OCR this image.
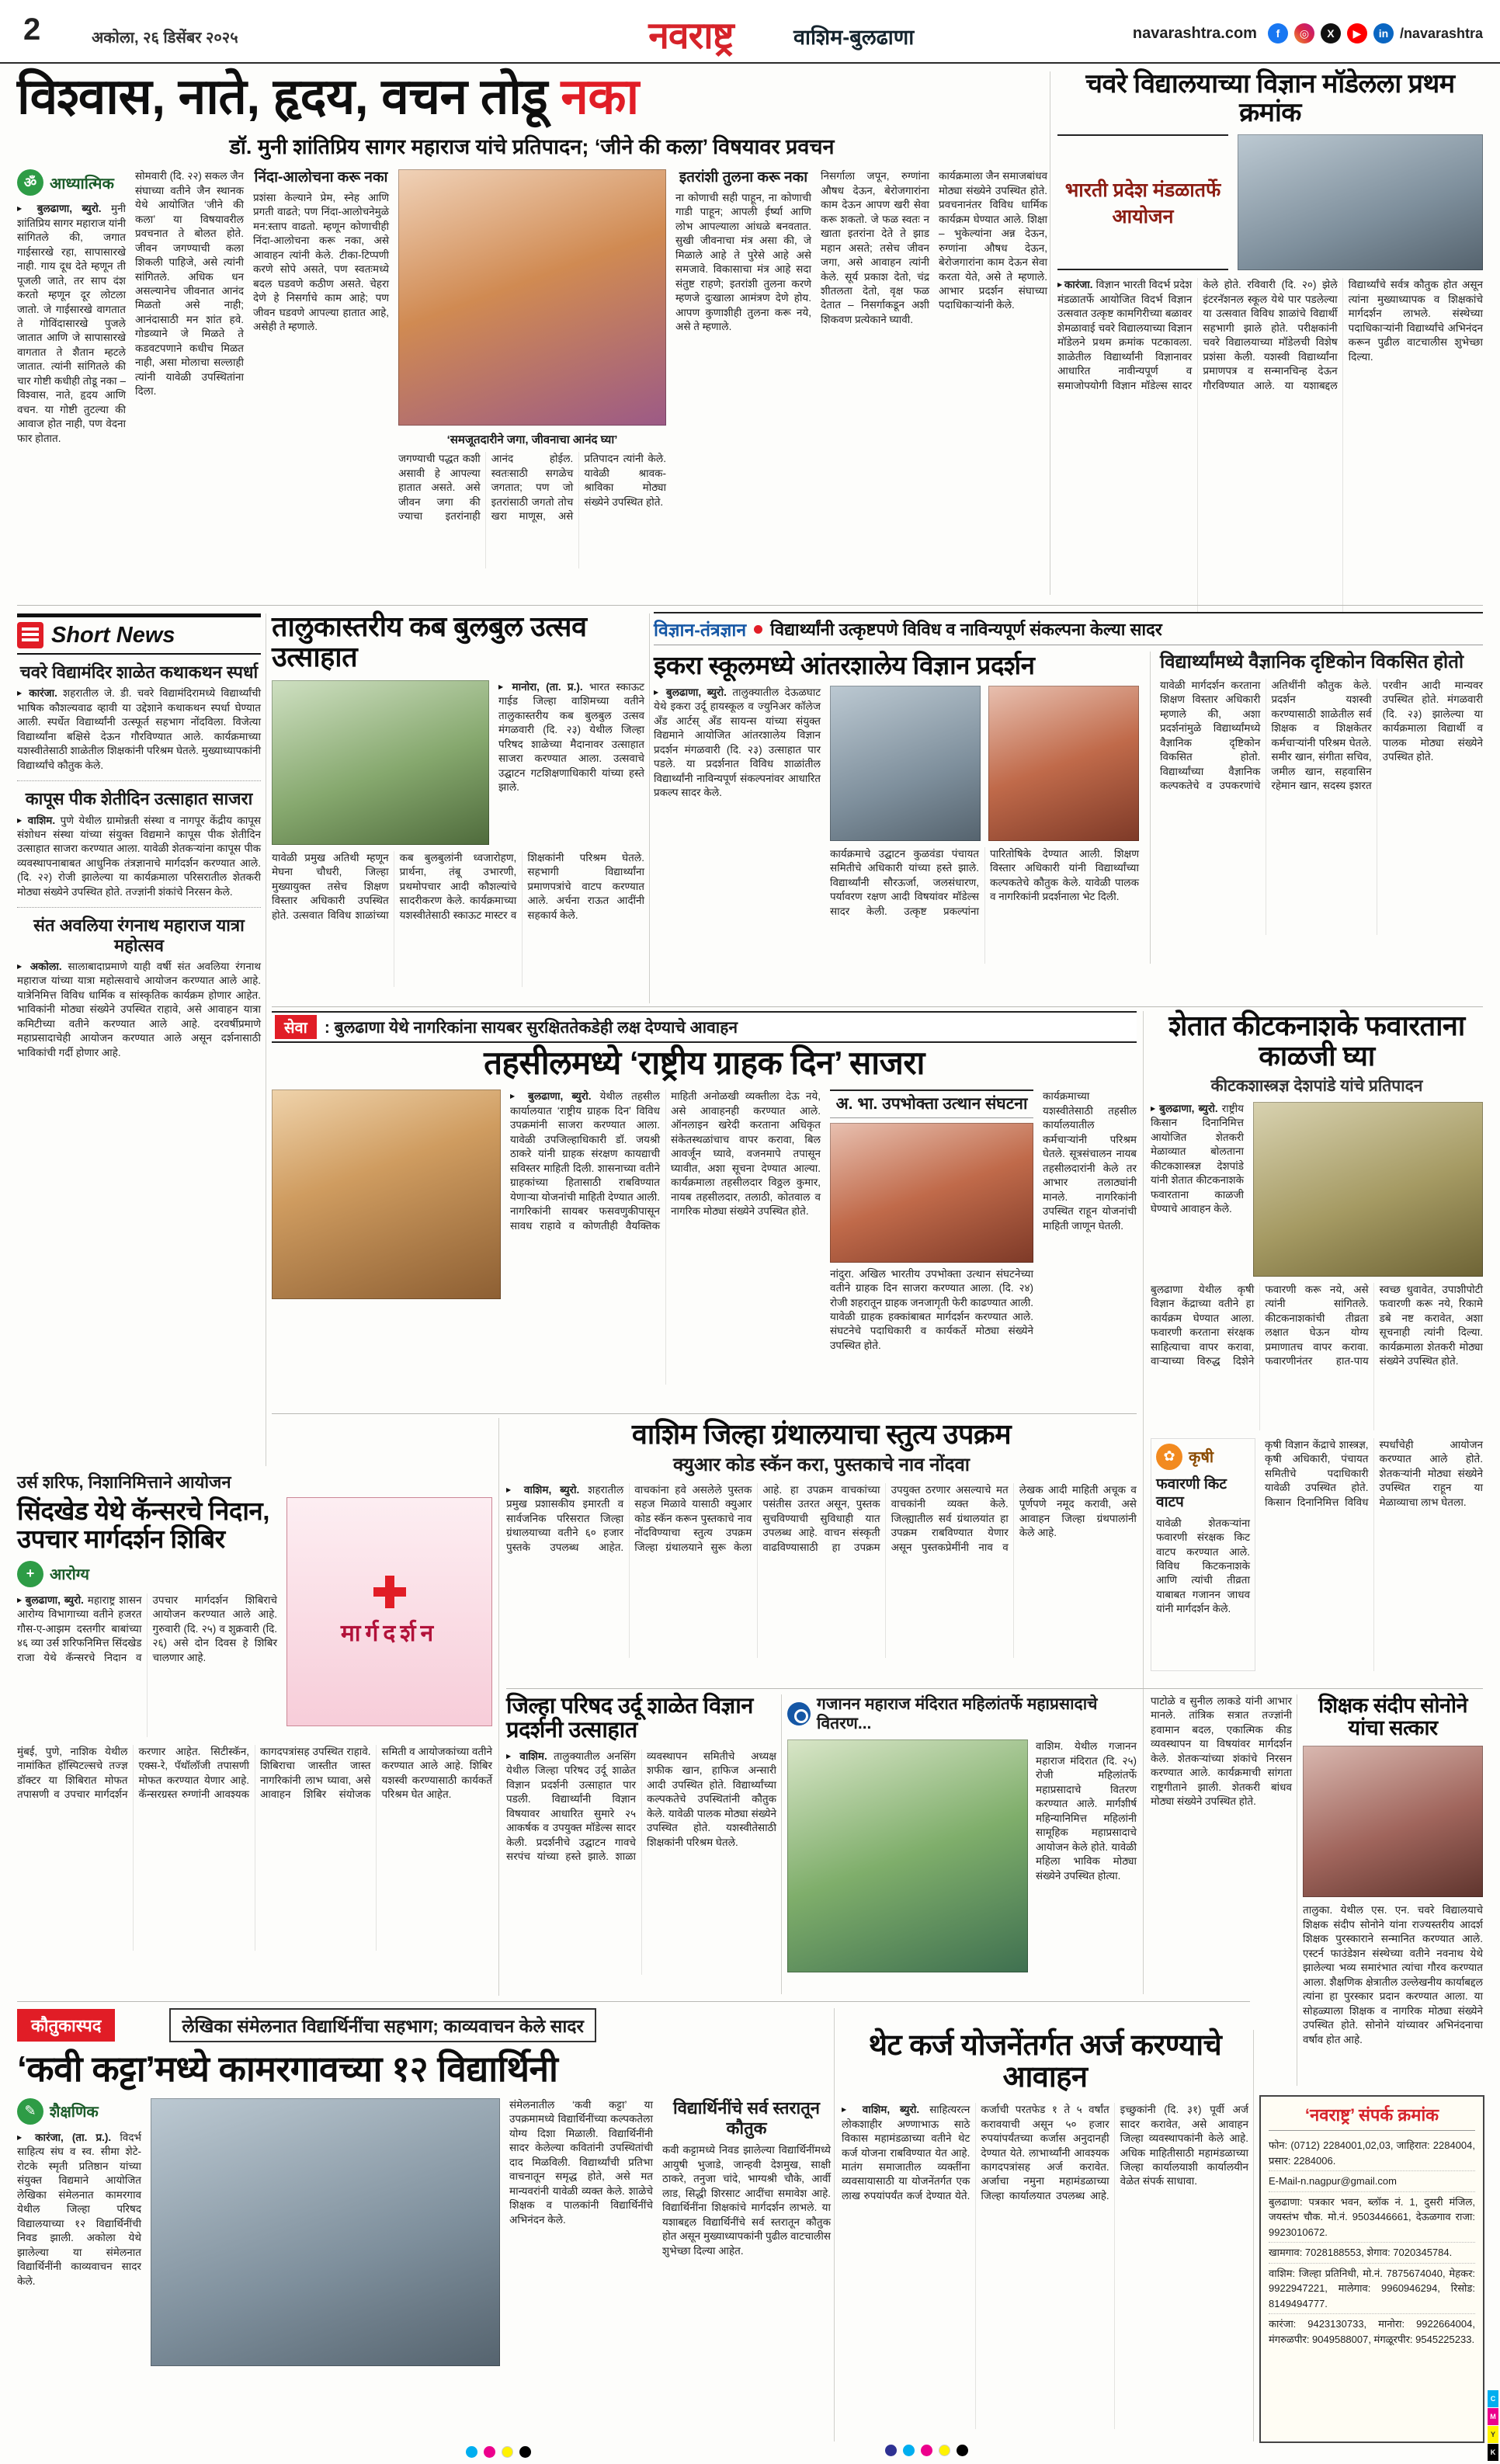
2	अकोला, २६ डिसेंबर २०२५	नवराष्ट्र	वाशिम-बुलढाणा	navarashtra.com	f	◎	X	▶	in /navarashtra
विश्वास, नाते, हृदय, वचन तोडू नका
डॉ. मुनी शांतिप्रिय सागर महाराज यांचे प्रतिपादन; ‘जीने की कला’ विषयावर प्रवचन
ॐ आध्यात्मिक

▶ बुलढाणा, ब्युरो. मुनी शांतिप्रिय सागर महाराज यांनी सांगितले की, जगात गाईसारखे रहा, सापासारखे नाही. गाय दूध देते म्हणून ती पूजली जाते, तर साप दंश करतो म्हणून दूर लोटला जातो. जे गाईसारखे वागतात ते गोविंदासारखे पुजले जातात आणि जे सापासारखे वागतात ते शैतान म्हटले जातात. त्यांनी सांगितले की चार गोष्टी कधीही तोडू नका – विश्वास, नाते, हृदय आणि वचन. या गोष्टी तुटल्या की आवाज होत नाही, पण वेदना फार होतात.

सोमवारी (दि. २२) सकल जैन संघाच्या वतीने जैन स्थानक येथे आयोजित ‘जीने की कला’ या विषयावरील प्रवचनात ते बोलत होते. जीवन जगण्याची कला शिकली पाहिजे, असे त्यांनी सांगितले. अधिक धन असल्यानेच जीवनात आनंद मिळतो असे नाही; आनंदासाठी मन शांत हवे. गोडव्याने जे मिळते ते कडवटपणाने कधीच मिळत नाही, असा मोलाचा सल्लाही त्यांनी यावेळी उपस्थितांना दिला.

निंदा-आलोचना करू नका

प्रशंसा केल्याने प्रेम, स्नेह आणि प्रगती वाढते; पण निंदा-आलोचनेमुळे मन:स्ताप वाढतो. म्हणून कोणाचीही निंदा-आलोचना करू नका, असे आवाहन त्यांनी केले. टीका-टिप्पणी करणे सोपे असते, पण स्वतःमध्ये बदल घडवणे कठीण असते. चेहरा देणे हे निसर्गाचे काम आहे; पण जीवन घडवणे आपल्या हातात आहे, असेही ते म्हणाले.

‘समजूतदारीने जगा, जीवनाचा आनंद घ्या’

जगण्याची पद्धत कशी असावी हे आपल्या हातात असते. असे जीवन जगा की ज्याचा इतरांनाही आनंद होईल. स्वतःसाठी सगळेच जगतात; पण जो इतरांसाठी जगतो तोच खरा माणूस, असे प्रतिपादन त्यांनी केले. यावेळी श्रावक-श्राविका मोठ्या संख्येने उपस्थित होते.

इतरांशी तुलना करू नका

ना कोणाची सही पाहून, ना कोणाची गाडी पाहून; आपली ईर्ष्या आणि लोभ आपल्याला आंधळे बनवतात. सुखी जीवनाचा मंत्र असा की, जे मिळाले आहे ते पुरेसे आहे असे समजावे. विकासाचा मंत्र आहे सदा संतुष्ट राहणे; इतरांशी तुलना करणे म्हणजे दुःखाला आमंत्रण देणे होय. आपण कुणाशीही तुलना करू नये, असे ते म्हणाले.

निसर्गाला जपून, रुग्णांना औषध देऊन, बेरोजगारांना काम देऊन आपण खरी सेवा करू शकतो. जे फळ स्वतः न खाता इतरांना देते ते झाड महान असते; तसेच जीवन जगा, असे आवाहन त्यांनी केले. सूर्य प्रकाश देतो, चंद्र शीतलता देतो, वृक्ष फळ देतात – निसर्गाकडून अशी शिकवण प्रत्येकाने घ्यावी.

कार्यक्रमाला जैन समाजबांधव मोठ्या संख्येने उपस्थित होते. प्रवचनानंतर विविध धार्मिक कार्यक्रम घेण्यात आले. शिक्षा – भुकेल्यांना अन्न देऊन, रुग्णांना औषध देऊन, बेरोजगारांना काम देऊन सेवा करता येते, असे ते म्हणाले. आभार प्रदर्शन संघाच्या पदाधिकाऱ्यांनी केले.

चवरे विद्यालयाच्या विज्ञान मॉडेलला प्रथम क्रमांक
भारती प्रदेश मंडळातर्फे आयोजन

▶ कारंजा. विज्ञान भारती विदर्भ प्रदेश मंडळातर्फे आयोजित विदर्भ विज्ञान उत्सवात उत्कृष्ट कामगिरीच्या बळावर शेमळावाई चवरे विद्यालयाच्या विज्ञान मॉडेलने प्रथम क्रमांक पटकावला. शाळेतील विद्यार्थ्यांनी विज्ञानावर आधारित नावीन्यपूर्ण व समाजोपयोगी विज्ञान मॉडेल्स सादर केले होते. रविवारी (दि. २०) झेले इंटरनॅशनल स्कूल येथे पार पडलेल्या या उत्सवात विविध शाळांचे विद्यार्थी सहभागी झाले होते. परीक्षकांनी चवरे विद्यालयाच्या मॉडेलची विशेष प्रशंसा केली. यशस्वी विद्यार्थ्यांना प्रमाणपत्र व सन्मानचिन्ह देऊन गौरविण्यात आले. या यशाबद्दल विद्यार्थ्यांचे सर्वत्र कौतुक होत असून त्यांना मुख्याध्यापक व शिक्षकांचे मार्गदर्शन लाभले. संस्थेच्या पदाधिकाऱ्यांनी विद्यार्थ्यांचे अभिनंदन करून पुढील वाटचालीस शुभेच्छा दिल्या.

Short News
चवरे विद्यामंदिर शाळेत कथाकथन स्पर्धा

▶ कारंजा. शहरातील जे. डी. चवरे विद्यामंदिरामध्ये विद्यार्थ्यांची भाषिक कौशल्यवाढ व्हावी या उद्देशाने कथाकथन स्पर्धा घेण्यात आली. स्पर्धेत विद्यार्थ्यांनी उत्स्फूर्त सहभाग नोंदविला. विजेत्या विद्यार्थ्यांना बक्षिसे देऊन गौरविण्यात आले. कार्यक्रमाच्या यशस्वीतेसाठी शाळेतील शिक्षकांनी परिश्रम घेतले. मुख्याध्यापकांनी विद्यार्थ्यांचे कौतुक केले.

कापूस पीक शेतीदिन उत्साहात साजरा

▶ वाशिम. पुणे येथील ग्रामोन्नती संस्था व नागपूर केंद्रीय कापूस संशोधन संस्था यांच्या संयुक्त विद्यमाने कापूस पीक शेतीदिन उत्साहात साजरा करण्यात आला. यावेळी शेतकऱ्यांना कापूस पीक व्यवस्थापनाबाबत आधुनिक तंत्रज्ञानाचे मार्गदर्शन करण्यात आले. (दि. २२) रोजी झालेल्या या कार्यक्रमाला परिसरातील शेतकरी मोठ्या संख्येने उपस्थित होते. तज्ज्ञांनी शंकांचे निरसन केले.

संत अवलिया रंगनाथ महाराज यात्रा महोत्सव

▶ अकोला. सालाबादाप्रमाणे याही वर्षी संत अवलिया रंगनाथ महाराज यांच्या यात्रा महोत्सवाचे आयोजन करण्यात आले आहे. यात्रेनिमित्त विविध धार्मिक व सांस्कृतिक कार्यक्रम होणार आहेत. भाविकांनी मोठ्या संख्येने उपस्थित राहावे, असे आवाहन यात्रा कमिटीच्या वतीने करण्यात आले आहे. दरवर्षीप्रमाणे महाप्रसादाचेही आयोजन करण्यात आले असून दर्शनासाठी भाविकांची गर्दी होणार आहे.

तालुकास्तरीय कब बुलबुल उत्सव उत्साहात

▶ मानोरा, (ता. प्र.). भारत स्काऊट गाईड जिल्हा वाशिमच्या वतीने तालुकास्तरीय कब बुलबुल उत्सव मंगळवारी (दि. २३) येथील जिल्हा परिषद शाळेच्या मैदानावर उत्साहात साजरा करण्यात आला. उत्सवाचे उद्घाटन गटशिक्षणाधिकारी यांच्या हस्ते झाले.

यावेळी प्रमुख अतिथी म्हणून मेघना चौधरी, जिल्हा मुख्यायुक्त तसेच शिक्षण विस्तार अधिकारी उपस्थित होते. उत्सवात विविध शाळांच्या कब बुलबुलांनी ध्वजारोहण, प्रार्थना, तंबू उभारणी, प्रथमोपचार आदी कौशल्यांचे सादरीकरण केले. कार्यक्रमाच्या यशस्वीतेसाठी स्काऊट मास्टर व शिक्षकांनी परिश्रम घेतले. सहभागी विद्यार्थ्यांना प्रमाणपत्रांचे वाटप करण्यात आले. अर्चना राऊत आदींनी सहकार्य केले.

विज्ञान-तंत्रज्ञान विद्यार्थ्यांनी उत्कृष्टपणे विविध व नाविन्यपूर्ण संकल्पना केल्या सादर
इकरा स्कूलमध्ये आंतरशालेय विज्ञान प्रदर्शन

▶ बुलढाणा, ब्युरो. तालुक्यातील देऊळघाट येथे इकरा उर्दू हायस्कूल व ज्युनिअर कॉलेज अँड आर्टस् अँड सायन्स यांच्या संयुक्त विद्यमाने आयोजित आंतरशालेय विज्ञान प्रदर्शन मंगळवारी (दि. २३) उत्साहात पार पडले. या प्रदर्शनात विविध शाळांतील विद्यार्थ्यांनी नाविन्यपूर्ण संकल्पनांवर आधारित प्रकल्प सादर केले.

कार्यक्रमाचे उद्घाटन कुळवंडा पंचायत समितीचे अधिकारी यांच्या हस्ते झाले. विद्यार्थ्यांनी सौरऊर्जा, जलसंधारण, पर्यावरण रक्षण आदी विषयांवर मॉडेल्स सादर केली. उत्कृष्ट प्रकल्पांना पारितोषिके देण्यात आली. शिक्षण विस्तार अधिकारी यांनी विद्यार्थ्यांच्या कल्पकतेचे कौतुक केले. यावेळी पालक व नागरिकांनी प्रदर्शनाला भेट दिली.

विद्यार्थ्यांमध्ये वैज्ञानिक दृष्टिकोन विकसित होतो

यावेळी मार्गदर्शन करताना शिक्षण विस्तार अधिकारी म्हणाले की, अशा प्रदर्शनांमुळे विद्यार्थ्यांमध्ये वैज्ञानिक दृष्टिकोन विकसित होतो. विद्यार्थ्यांच्या वैज्ञानिक कल्पकतेचे व उपकरणांचे अतिथींनी कौतुक केले. प्रदर्शन यशस्वी करण्यासाठी शाळेतील सर्व शिक्षक व शिक्षकेतर कर्मचाऱ्यांनी परिश्रम घेतले. समीर खान, संगीता सचिव, जमील खान, सहवासिन रहेमान खान, सदस्य इशरत परवीन आदी मान्यवर उपस्थित होते. मंगळवारी (दि. २३) झालेल्या या कार्यक्रमाला विद्यार्थी व पालक मोठ्या संख्येने उपस्थित होते.

सेवा	: बुलढाणा येथे नागरिकांना सायबर सुरक्षिततेकडेही लक्ष देण्याचे आवाहन
तहसीलमध्ये ‘राष्ट्रीय ग्राहक दिन’ साजरा

▶ बुलढाणा, ब्युरो. येथील तहसील कार्यालयात ‘राष्ट्रीय ग्राहक दिन’ विविध उपक्रमांनी साजरा करण्यात आला. यावेळी उपजिल्हाधिकारी डॉ. जयश्री ठाकरे यांनी ग्राहक संरक्षण कायद्याची सविस्तर माहिती दिली. शासनाच्या वतीने ग्राहकांच्या हितासाठी राबविण्यात येणाऱ्या योजनांची माहिती देण्यात आली. नागरिकांनी सायबर फसवणुकीपासून सावध राहावे व कोणतीही वैयक्तिक माहिती अनोळखी व्यक्तीला देऊ नये, असे आवाहनही करण्यात आले. ऑनलाइन खरेदी करताना अधिकृत संकेतस्थळांचाच वापर करावा, बिल आवर्जून घ्यावे, वजनमापे तपासून घ्यावीत, अशा सूचना देण्यात आल्या. कार्यक्रमाला तहसीलदार विठ्ठल कुमार, नायब तहसीलदार, तलाठी, कोतवाल व नागरिक मोठ्या संख्येने उपस्थित होते.

अ. भा. उपभोक्ता उत्थान संघटना

नांदुरा. अखिल भारतीय उपभोक्ता उत्थान संघटनेच्या वतीने ग्राहक दिन साजरा करण्यात आला. (दि. २४) रोजी शहरातून ग्राहक जनजागृती फेरी काढण्यात आली. यावेळी ग्राहक हक्कांबाबत मार्गदर्शन करण्यात आले. संघटनेचे पदाधिकारी व कार्यकर्ते मोठ्या संख्येने उपस्थित होते.

कार्यक्रमाच्या यशस्वीतेसाठी तहसील कार्यालयातील कर्मचाऱ्यांनी परिश्रम घेतले. सूत्रसंचालन नायब तहसीलदारांनी केले तर आभार तलाठ्यांनी मानले. नागरिकांनी उपस्थित राहून योजनांची माहिती जाणून घेतली.

शेतात कीटकनाशके फवारताना काळजी घ्या
कीटकशास्त्रज्ञ देशपांडे यांचे प्रतिपादन

▶ बुलढाणा, ब्युरो. राष्ट्रीय किसान दिनानिमित्त आयोजित शेतकरी मेळाव्यात बोलताना कीटकशास्त्रज्ञ देशपांडे यांनी शेतात कीटकनाशके फवारताना काळजी घेण्याचे आवाहन केले.

बुलढाणा येथील कृषी विज्ञान केंद्राच्या वतीने हा कार्यक्रम घेण्यात आला. फवारणी करताना संरक्षक साहित्याचा वापर करावा, वाऱ्याच्या विरुद्ध दिशेने फवारणी करू नये, असे त्यांनी सांगितले. कीटकनाशकांची तीव्रता लक्षात घेऊन योग्य प्रमाणातच वापर करावा. फवारणीनंतर हात-पाय स्वच्छ धुवावेत, उपाशीपोटी फवारणी करू नये, रिकामे डबे नष्ट करावेत, अशा सूचनाही त्यांनी दिल्या. कार्यक्रमाला शेतकरी मोठ्या संख्येने उपस्थित होते.

✿ कृषी
फवारणी किट वाटप

यावेळी शेतकऱ्यांना फवारणी संरक्षक किट वाटप करण्यात आले. विविध किटकनाशके आणि त्यांची तीव्रता याबाबत गजानन जाधव यांनी मार्गदर्शन केले.

कृषी विज्ञान केंद्राचे शास्त्रज्ञ, कृषी अधिकारी, पंचायत समितीचे पदाधिकारी यावेळी उपस्थित होते. किसान दिनानिमित्त विविध स्पर्धांचेही आयोजन करण्यात आले होते. शेतकऱ्यांनी मोठ्या संख्येने उपस्थित राहून या मेळाव्याचा लाभ घेतला.

वाशिम जिल्हा ग्रंथालयाचा स्तुत्य उपक्रम
क्युआर कोड स्कॅन करा, पुस्तकाचे नाव नोंदवा

▶ वाशिम, ब्युरो. शहरातील प्रमुख प्रशासकीय इमारती व सार्वजनिक परिसरात जिल्हा ग्रंथालयाच्या वतीने ६० हजार पुस्तके उपलब्ध आहेत. वाचकांना हवे असलेले पुस्तक सहज मिळावे यासाठी क्युआर कोड स्कॅन करून पुस्तकाचे नाव नोंदविण्याचा स्तुत्य उपक्रम जिल्हा ग्रंथालयाने सुरू केला आहे. हा उपक्रम वाचकांच्या पसंतीस उतरत असून, पुस्तक सुचविण्याची सुविधाही यात उपलब्ध आहे. वाचन संस्कृती वाढविण्यासाठी हा उपक्रम उपयुक्त ठरणार असल्याचे मत वाचकांनी व्यक्त केले. जिल्ह्यातील सर्व ग्रंथालयांत हा उपक्रम राबविण्यात येणार असून पुस्तकप्रेमींनी नाव व लेखक आदी माहिती अचूक व पूर्णपणे नमूद करावी, असे आवाहन जिल्हा ग्रंथपालांनी केले आहे.

उर्स शरिफ, निशानिमित्ताने आयोजन
सिंदखेड येथे कॅन्सरचे निदान, उपचार मार्गदर्शन शिबिर
+ आरोग्य

▶ बुलढाणा, ब्युरो. महाराष्ट्र शासन आरोग्य विभागाच्या वतीने हजरत गौस-ए-आझम दस्तगीर बाबांच्या ४६ व्या उर्स शरिफनिमित्त सिंदखेड राजा येथे कॅन्सरचे निदान व उपचार मार्गदर्शन शिबिराचे आयोजन करण्यात आले आहे. गुरुवारी (दि. २५) व शुक्रवारी (दि. २६) असे दोन दिवस हे शिबिर चालणार आहे.

मार्गदर्शन

मुंबई, पुणे, नाशिक येथील नामांकित हॉस्पिटल्सचे तज्ज्ञ डॉक्टर या शिबिरात मोफत तपासणी व उपचार मार्गदर्शन करणार आहेत. सिटीस्कॅन, एक्स-रे, पॅथॉलॉजी तपासणी मोफत करण्यात येणार आहे. कॅन्सरग्रस्त रुग्णांनी आवश्यक कागदपत्रांसह उपस्थित राहावे. शिबिराचा जास्तीत जास्त नागरिकांनी लाभ घ्यावा, असे आवाहन शिबिर संयोजक समिती व आयोजकांच्या वतीने करण्यात आले आहे. शिबिर यशस्वी करण्यासाठी कार्यकर्ते परिश्रम घेत आहेत.

जिल्हा परिषद उर्दू शाळेत विज्ञान प्रदर्शनी उत्साहात

▶ वाशिम. तालुक्यातील अनसिंग येथील जिल्हा परिषद उर्दू शाळेत विज्ञान प्रदर्शनी उत्साहात पार पडली. विद्यार्थ्यांनी विज्ञान विषयावर आधारित सुमारे २५ आकर्षक व उपयुक्त मॉडेल्स सादर केली. प्रदर्शनीचे उद्घाटन गावचे सरपंच यांच्या हस्ते झाले. शाळा व्यवस्थापन समितीचे अध्यक्ष शफीक खान, हाफिज अन्सारी आदी उपस्थित होते. विद्यार्थ्यांच्या कल्पकतेचे उपस्थितांनी कौतुक केले. यावेळी पालक मोठ्या संख्येने उपस्थित होते. यशस्वीतेसाठी शिक्षकांनी परिश्रम घेतले.

गजानन महाराज मंदिरात महिलांतर्फे महाप्रसादाचे वितरण...

वाशिम. येथील गजानन महाराज मंदिरात (दि. २५) रोजी महिलांतर्फे महाप्रसादाचे वितरण करण्यात आले. मार्गशीर्ष महिन्यानिमित्त महिलांनी सामूहिक महाप्रसादाचे आयोजन केले होते. यावेळी महिला भाविक मोठ्या संख्येने उपस्थित होत्या.

पाटोळे व सुनील लाकडे यांनी आभार मानले. तांत्रिक सत्रात तज्ज्ञांनी हवामान बदल, एकात्मिक कीड व्यवस्थापन या विषयांवर मार्गदर्शन केले. शेतकऱ्यांच्या शंकांचे निरसन करण्यात आले. कार्यक्रमाची सांगता राष्ट्रगीताने झाली. शेतकरी बांधव मोठ्या संख्येने उपस्थित होते.

शिक्षक संदीप सोनोने यांचा सत्कार

तालुका. येथील एस. एन. चवरे विद्यालयाचे शिक्षक संदीप सोनोने यांना राज्यस्तरीय आदर्श शिक्षक पुरस्काराने सन्मानित करण्यात आले. एस्टर्न फाउंडेशन संस्थेच्या वतीने नवनाथ येथे झालेल्या भव्य समारंभात त्यांचा गौरव करण्यात आला. शैक्षणिक क्षेत्रातील उल्लेखनीय कार्याबद्दल त्यांना हा पुरस्कार प्रदान करण्यात आला. या सोहळ्याला शिक्षक व नागरिक मोठ्या संख्येने उपस्थित होते. सोनोने यांच्यावर अभिनंदनाचा वर्षाव होत आहे.

कौतुकास्पद	लेखिका संमेलनात विद्यार्थिनींचा सहभाग; काव्यवाचन केले सादर
‘कवी कट्टा’मध्ये कामरगावच्या १२ विद्यार्थिनी
✎ शैक्षणिक

▶ कारंजा, (ता. प्र.). विदर्भ साहित्य संघ व स्व. सीमा शेटे-रोटके स्मृती प्रतिष्ठान यांच्या संयुक्त विद्यमाने आयोजित लेखिका संमेलनात कामरगाव येथील जिल्हा परिषद विद्यालयाच्या १२ विद्यार्थिनींची निवड झाली. अकोला येथे झालेल्या या संमेलनात विद्यार्थिनींनी काव्यवाचन सादर केले.

संमेलनातील ‘कवी कट्टा’ या उपक्रमामध्ये विद्यार्थिनींच्या कल्पकतेला योग्य दिशा मिळाली. विद्यार्थिनींनी सादर केलेल्या कवितांनी उपस्थितांची दाद मिळविली. विद्यार्थ्यांची प्रतिभा वाचनातून समृद्ध होते, असे मत मान्यवरांनी यावेळी व्यक्त केले. शाळेचे शिक्षक व पालकांनी विद्यार्थिनींचे अभिनंदन केले.

विद्यार्थिनींचे सर्व स्तरातून कौतुक

कवी कट्टामध्ये निवड झालेल्या विद्यार्थिनींमध्ये आयुषी भुजाडे, जान्हवी देशमुख, साक्षी ठाकरे, तनुजा चांदे, भाग्यश्री चौके, आर्वी लाड, सिद्धी शिरसाट आदींचा समावेश आहे. विद्यार्थिनींना शिक्षकांचे मार्गदर्शन लाभले. या यशाबद्दल विद्यार्थिनींचे सर्व स्तरातून कौतुक होत असून मुख्याध्यापकांनी पुढील वाटचालीस शुभेच्छा दिल्या आहेत.

थेट कर्ज योजनेंतर्गत अर्ज करण्याचे आवाहन

▶ वाशिम, ब्युरो. साहित्यरत्न लोकशाहीर अण्णाभाऊ साठे विकास महामंडळाच्या वतीने थेट कर्ज योजना राबविण्यात येत आहे. मातंग समाजातील व्यक्तींना व्यवसायासाठी या योजनेंतर्गत एक लाख रुपयांपर्यंत कर्ज देण्यात येते. कर्जाची परतफेड १ ते ५ वर्षांत करावयाची असून ५० हजार रुपयांपर्यंतच्या कर्जास अनुदानही देण्यात येते. लाभार्थ्यांनी आवश्यक कागदपत्रांसह अर्ज करावेत. अर्जाचा नमुना महामंडळाच्या जिल्हा कार्यालयात उपलब्ध आहे. इच्छुकांनी (दि. ३१) पूर्वी अर्ज सादर करावेत, असे आवाहन जिल्हा व्यवस्थापकांनी केले आहे. अधिक माहितीसाठी महामंडळाच्या जिल्हा कार्यालयाशी कार्यालयीन वेळेत संपर्क साधावा.

‘नवराष्ट्र’ संपर्क क्रमांक
फोन: (0712) 2284001,02,03, जाहिरात: 2284004, प्रसार: 2284006.
E-Mail-n.nagpur@gmail.com
बुलढाणा: पत्रकार भवन, ब्लॉक नं. 1, दुसरी मंजिल, जयस्तंभ चौक. मो.नं. 9503446661, देऊळगाव राजा: 9923010672.
खामगाव: 7028188553, शेगाव: 7020345784.
वाशिम: जिल्हा प्रतिनिधी, मो.नं. 7875674040, मेहकर: 9922947221, मालेगाव: 9960946294, रिसोड: 8149494777.
कारंजा: 9423130733, मानोरा: 9922664004, मंगरुळपीर: 9049588007, मंगळूरपीर: 9545225233.
C
M
Y
K
